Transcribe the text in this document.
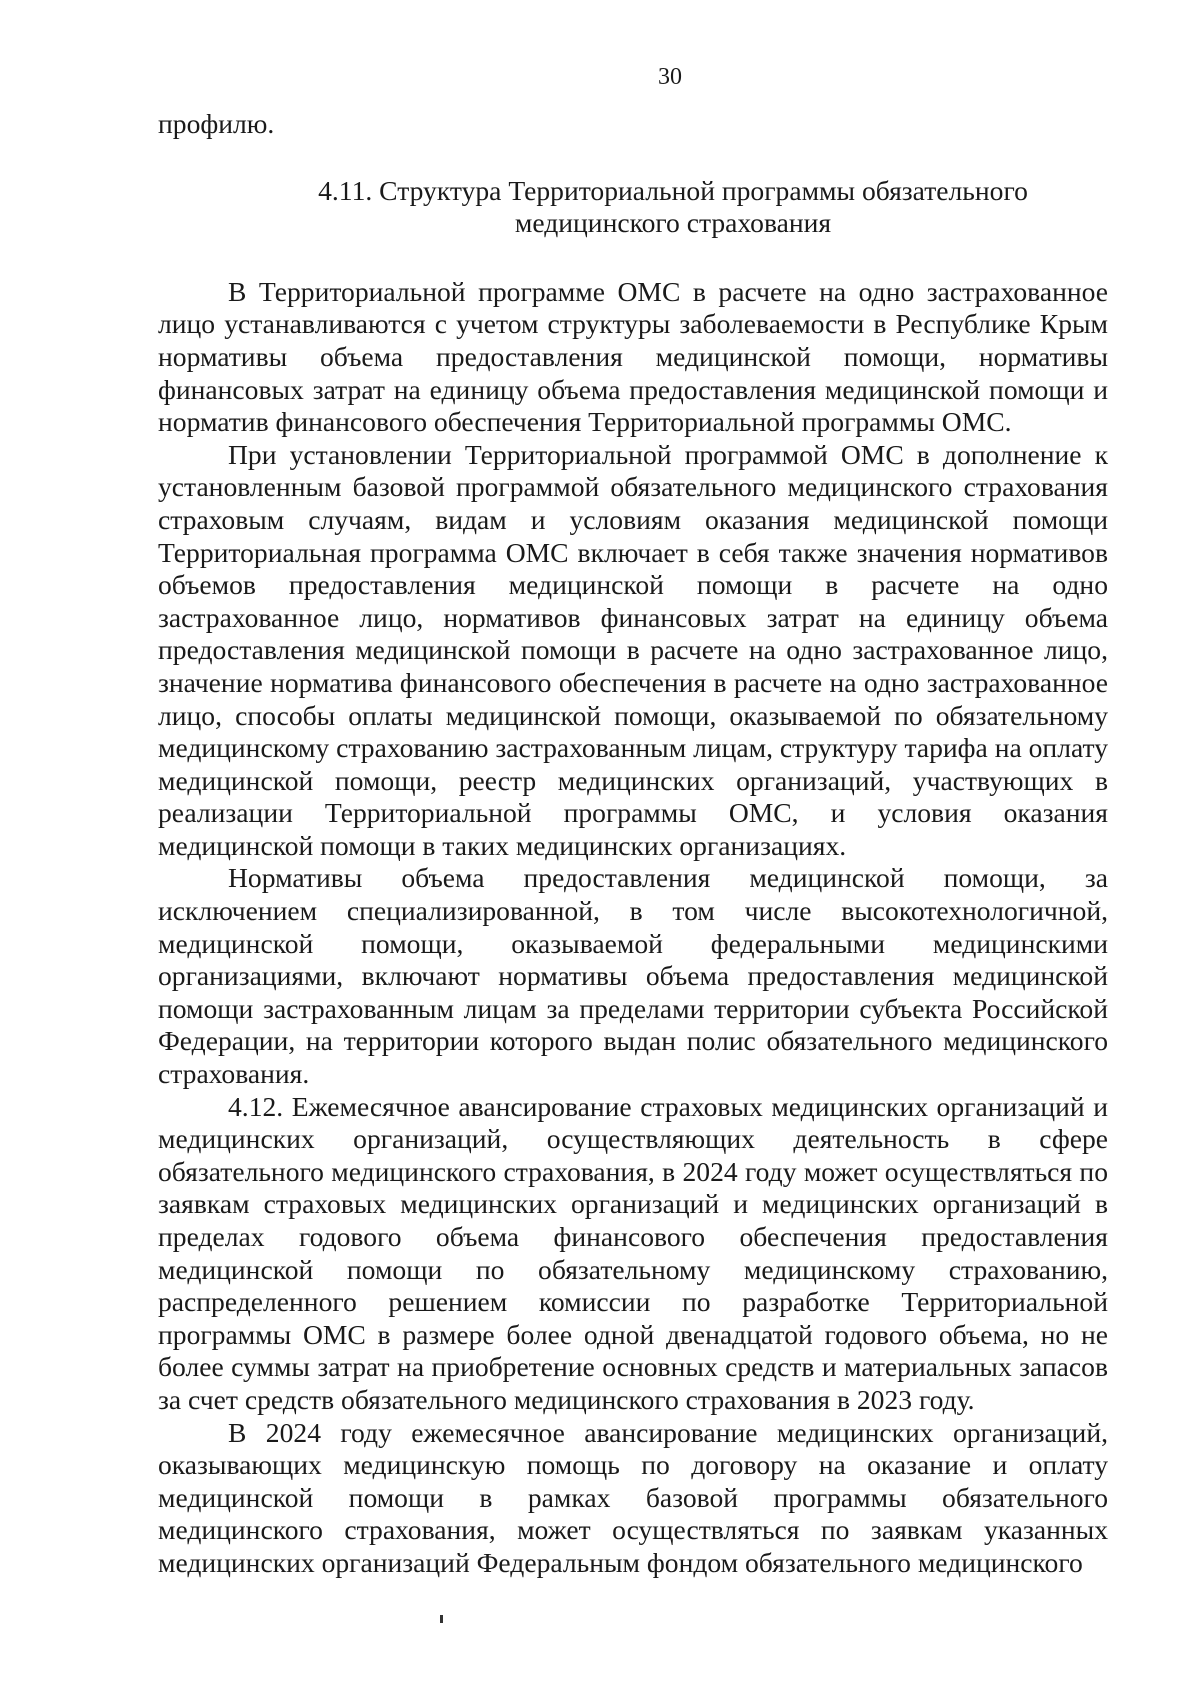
30

профилю.

4.11. Структура Территориальной программы обязательного
медицинского страхования

В Территориальной программе ОМС в расчете на одно застрахованное лицо устанавливаются с учетом структуры заболеваемости в Республике Крым нормативы объема предоставления медицинской помощи, нормативы финансовых затрат на единицу объема предоставления медицинской помощи и норматив финансового обеспечения Территориальной программы ОМС.

При установлении Территориальной программой ОМС в дополнение к установленным базовой программой обязательного медицинского страхования страховым случаям, видам и условиям оказания медицинской помощи Территориальная программа ОМС включает в себя также значения нормативов объемов предоставления медицинской помощи в расчете на одно застрахованное лицо, нормативов финансовых затрат на единицу объема предоставления медицинской помощи в расчете на одно застрахованное лицо, значение норматива финансового обеспечения в расчете на одно застрахованное лицо, способы оплаты медицинской помощи, оказываемой по обязательному медицинскому страхованию застрахованным лицам, структуру тарифа на оплату медицинской помощи, реестр медицинских организаций, участвующих в реализации Территориальной программы ОМС, и условия оказания медицинской помощи в таких медицинских организациях.

Нормативы объема предоставления медицинской помощи, за исключением специализированной, в том числе высокотехнологичной, медицинской помощи, оказываемой федеральными медицинскими организациями, включают нормативы объема предоставления медицинской помощи застрахованным лицам за пределами территории субъекта Российской Федерации, на территории которого выдан полис обязательного медицинского страхования.

4.12. Ежемесячное авансирование страховых медицинских организаций и медицинских организаций, осуществляющих деятельность в сфере обязательного медицинского страхования, в 2024 году может осуществляться по заявкам страховых медицинских организаций и медицинских организаций в пределах годового объема финансового обеспечения предоставления медицинской помощи по обязательному медицинскому страхованию, распределенного решением комиссии по разработке Территориальной программы ОМС в размере более одной двенадцатой годового объема, но не более суммы затрат на приобретение основных средств и материальных запасов за счет средств обязательного медицинского страхования в 2023 году.

В 2024 году ежемесячное авансирование медицинских организаций, оказывающих медицинскую помощь по договору на оказание и оплату медицинской помощи в рамках базовой программы обязательного медицинского страхования, может осуществляться по заявкам указанных медицинских организаций Федеральным фондом обязательного медицинского
